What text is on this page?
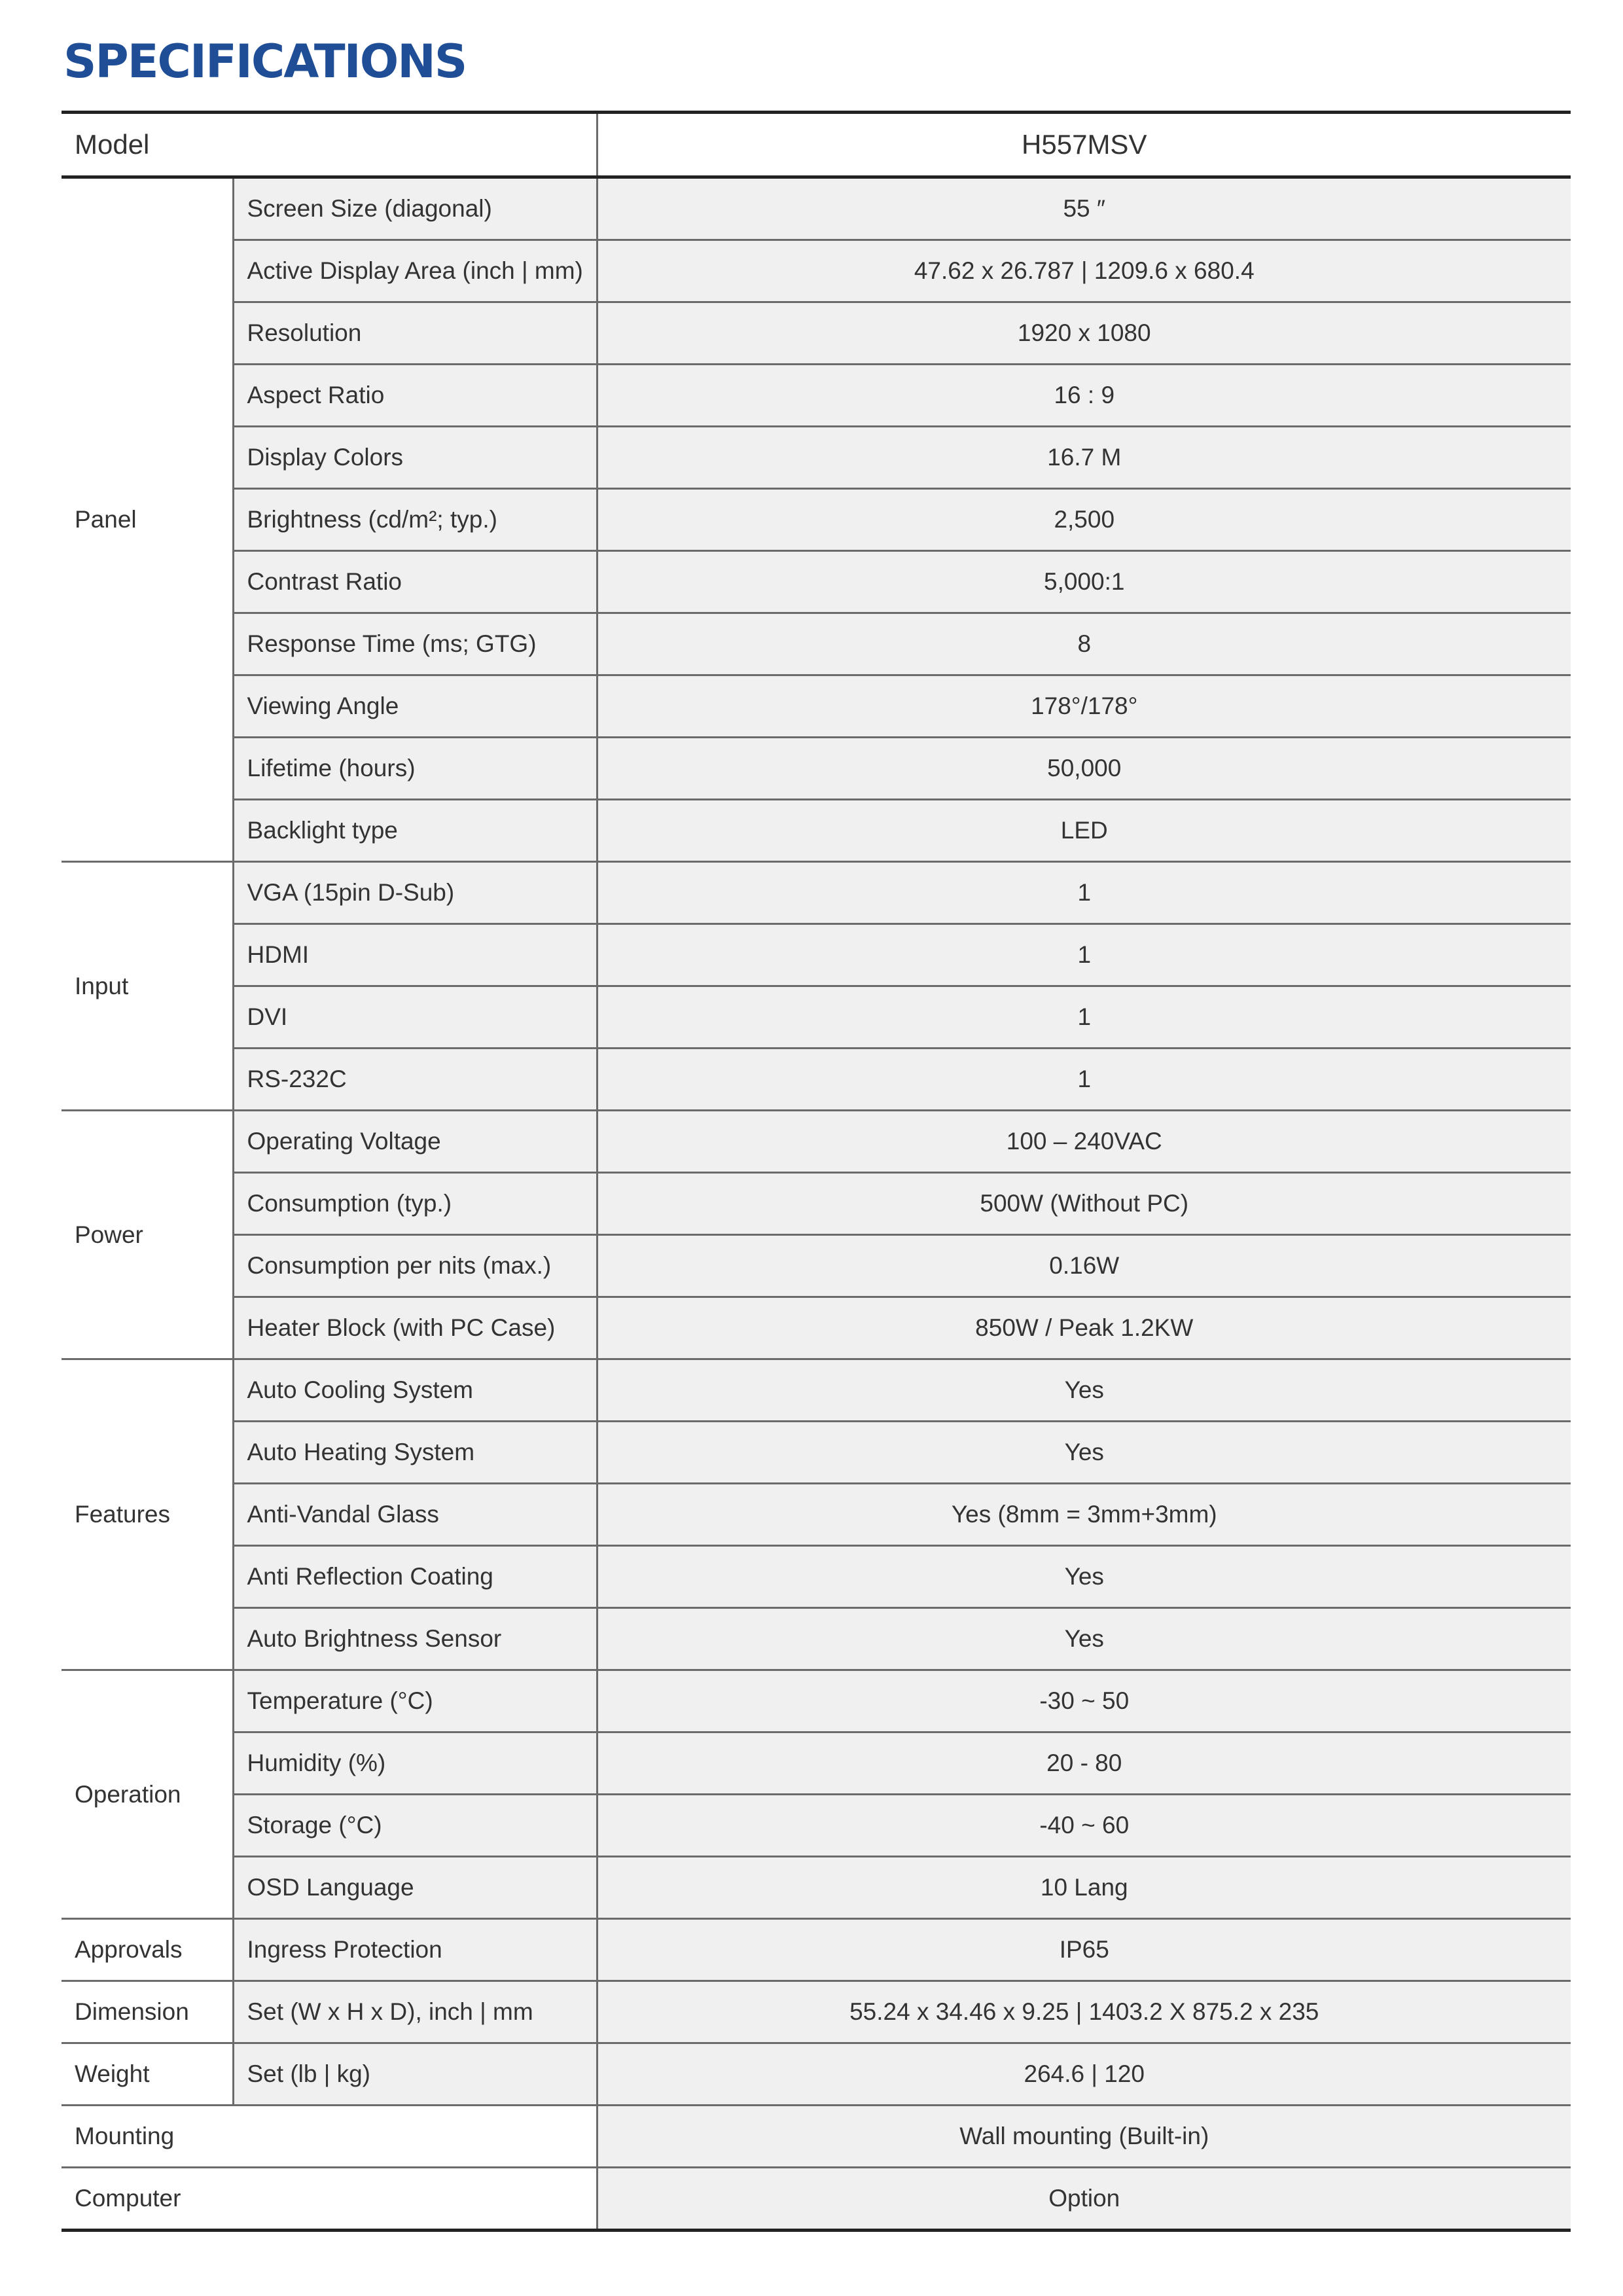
SPECIFICATIONS
Model		H557MSV
Panel	Screen Size (diagonal)	55 ″
	Active Display Area (inch | mm)	47.62 x 26.787 | 1209.6 x 680.4
	Resolution	1920 x 1080
	Aspect Ratio	16 : 9
	Display Colors	16.7 M
	Brightness (cd/m²; typ.)	2,500
	Contrast Ratio	5,000:1
	Response Time (ms; GTG)	8
	Viewing Angle	178°/178°
	Lifetime (hours)	50,000
	Backlight type	LED
Input	VGA (15pin D-Sub)	1
	HDMI	1
	DVI	1
	RS-232C	1
Power	Operating Voltage	100 – 240VAC
	Consumption (typ.)	500W (Without PC)
	Consumption per nits (max.)	0.16W
	Heater Block (with PC Case)	850W / Peak 1.2KW
Features	Auto Cooling System	Yes
	Auto Heating System	Yes
	Anti-Vandal Glass	Yes (8mm = 3mm+3mm)
	Anti Reflection Coating	Yes
	Auto Brightness Sensor	Yes
Operation	Temperature (°C)	-30 ~ 50
	Humidity (%)	20 - 80
	Storage (°C)	-40 ~ 60
	OSD Language	10 Lang
Approvals	Ingress Protection	IP65
Dimension	Set (W x H x D), inch | mm	55.24 x 34.46 x 9.25 | 1403.2 X 875.2 x 235
Weight	Set (lb | kg)	264.6 | 120
Mounting		Wall mounting (Built-in)
Computer		Option
